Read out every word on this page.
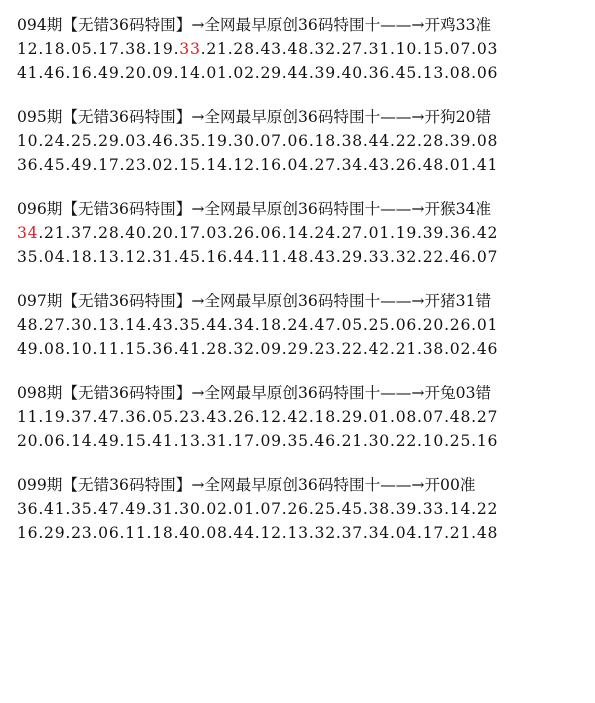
094期【无错36码特围】→全网最早原创36码特围十——→开鸡33准
12.18.05.17.38.19.33.21.28.43.48.32.27.31.10.15.07.03
41.46.16.49.20.09.14.01.02.29.44.39.40.36.45.13.08.06
095期【无错36码特围】→全网最早原创36码特围十——→开狗20错
10.24.25.29.03.46.35.19.30.07.06.18.38.44.22.28.39.08
36.45.49.17.23.02.15.14.12.16.04.27.34.43.26.48.01.41
096期【无错36码特围】→全网最早原创36码特围十——→开猴34准
34.21.37.28.40.20.17.03.26.06.14.24.27.01.19.39.36.42
35.04.18.13.12.31.45.16.44.11.48.43.29.33.32.22.46.07
097期【无错36码特围】→全网最早原创36码特围十——→开猪31错
48.27.30.13.14.43.35.44.34.18.24.47.05.25.06.20.26.01
49.08.10.11.15.36.41.28.32.09.29.23.22.42.21.38.02.46
098期【无错36码特围】→全网最早原创36码特围十——→开兔03错
11.19.37.47.36.05.23.43.26.12.42.18.29.01.08.07.48.27
20.06.14.49.15.41.13.31.17.09.35.46.21.30.22.10.25.16
099期【无错36码特围】→全网最早原创36码特围十——→开00准
36.41.35.47.49.31.30.02.01.07.26.25.45.38.39.33.14.22
16.29.23.06.11.18.40.08.44.12.13.32.37.34.04.17.21.48
